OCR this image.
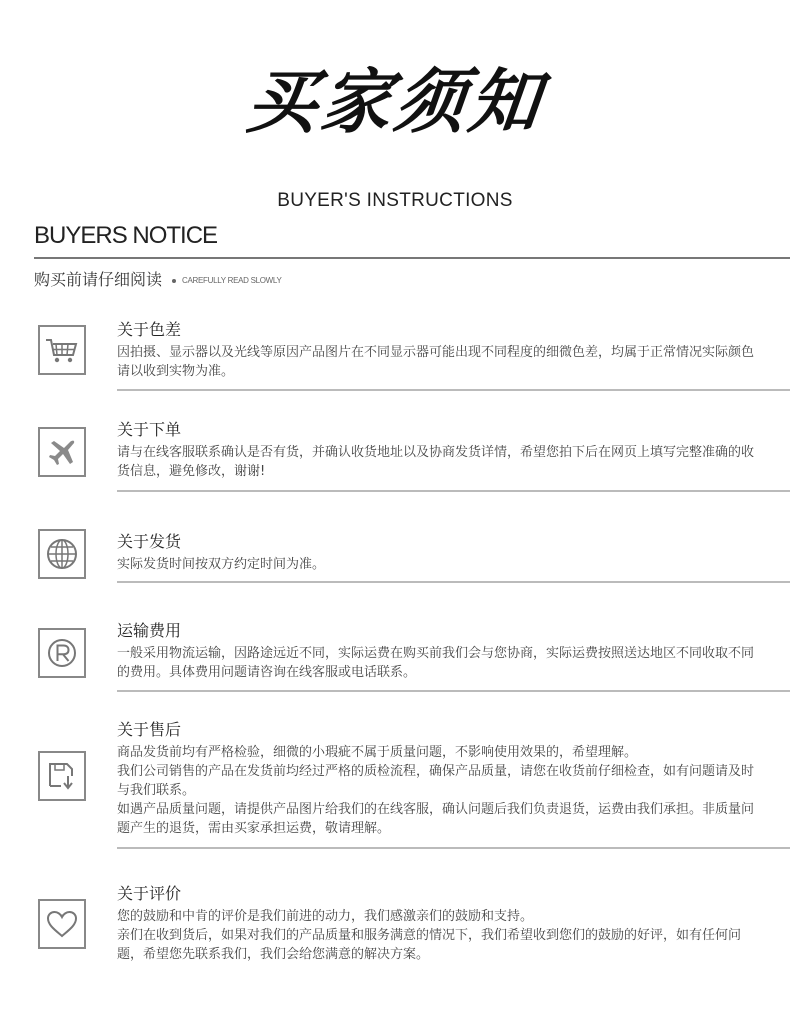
买家须知
BUYER'S INSTRUCTIONS
BUYERS NOTICE
购买前请仔细阅读	CAREFULLY READ SLOWLY
关于色差

因拍摄、显示器以及光线等原因产品图片在不同显示器可能出现不同程度的细微色差，均属于正常情况实际颜色请以收到实物为准。

关于下单

请与在线客服联系确认是否有货，并确认收货地址以及协商发货详情，希望您拍下后在网页上填写完整准确的收货信息，避免修改，谢谢!

关于发货

实际发货时间按双方约定时间为准。

运输费用

一般采用物流运输，因路途远近不同，实际运费在购买前我们会与您协商，实际运费按照送达地区不同收取不同的费用。具体费用问题请咨询在线客服或电话联系。

关于售后

商品发货前均有严格检验，细微的小瑕疵不属于质量问题，不影响使用效果的，希望理解。

我们公司销售的产品在发货前均经过严格的质检流程，确保产品质量，请您在收货前仔细检查，如有问题请及时与我们联系。

如遇产品质量问题，请提供产品图片给我们的在线客服，确认问题后我们负责退货，运费由我们承担。非质量问题产生的退货，需由买家承担运费，敬请理解。

关于评价

您的鼓励和中肯的评价是我们前进的动力，我们感激亲们的鼓励和支持。

亲们在收到货后，如果对我们的产品质量和服务满意的情况下，我们希望收到您们的鼓励的好评，如有任何问题，希望您先联系我们，我们会给您满意的解决方案。
